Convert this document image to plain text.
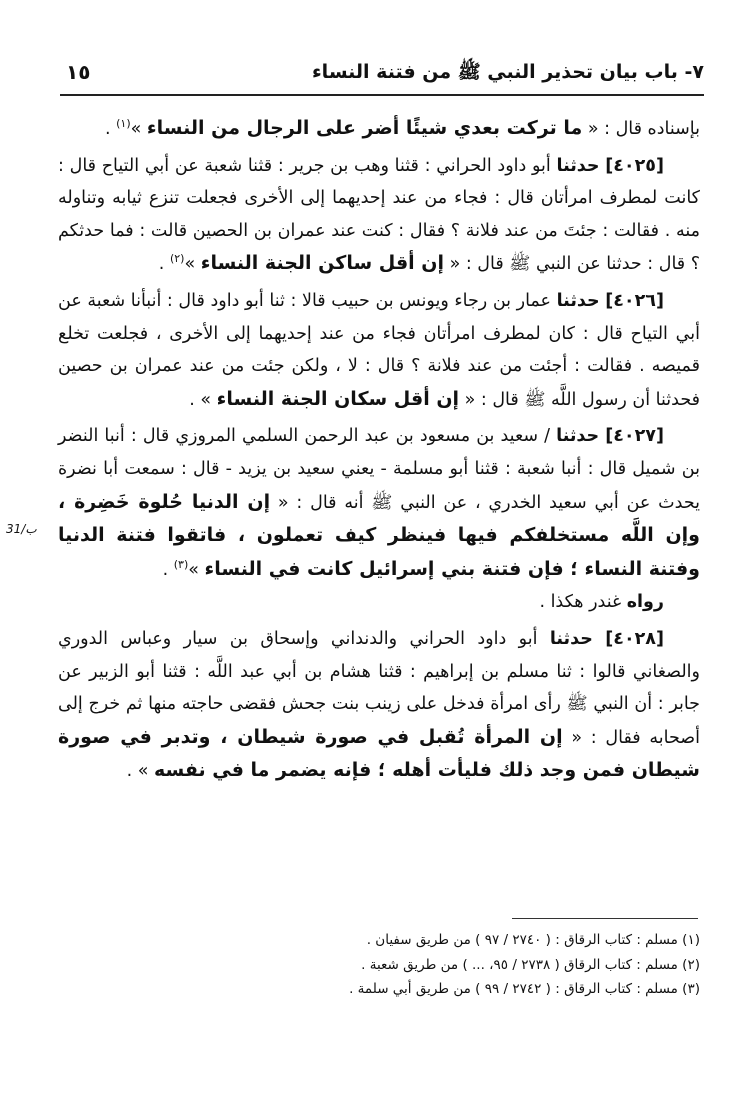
٧- باب بيان تحذير النبي ﷺ من فتنة النساء
١٥

بإسناده قال : « ما تركت بعدي شيئًا أضر على الرجال من النساء »$^{(١)}$ .

[٤٠٢٥] حدثنا أبو داود الحراني : قثنا وهب بن جرير : قثنا شعبة عن أبي التياح قال : كانت لمطرف امرأتان قال : فجاء من عند إحديهما إلى الأخرى فجعلت تنزع ثيابه وتناوله منه . فقالت : جئتَ من عند فلانة ؟ فقال : كنت عند عمران بن الحصين قالت : فما حدثكم ؟ قال : حدثنا عن النبي ﷺ قال : « إن أقل ساكن الجنة النساء »$^{(٢)}$ .

[٤٠٢٦] حدثنا عمار بن رجاء ويونس بن حبيب قالا : ثنا أبو داود قال : أنبأنا شعبة عن أبي التياح قال : كان لمطرف امرأتان فجاء من عند إحديهما إلى الأخرى ، فجلعت تخلع قميصه . فقالت : أجئت من عند فلانة ؟ قال : لا ، ولكن جئت من عند عمران بن حصين فحدثنا أن رسول اللَّه ﷺ قال : « إن أقل سكان الجنة النساء » .

[٤٠٢٧] حدثنا / سعيد بن مسعود بن عبد الرحمن السلمي المروزي قال : أنبا النضر بن شميل قال : أنبا شعبة : قثنا أبو مسلمة - يعني سعيد بن يزيد - قال : سمعت أبا نضرة يحدث عن أبي سعيد الخدري ، عن النبي ﷺ أنه قال : « إن الدنيا حُلوة خَضِرة ، وإن اللَّه مستخلفكم فيها فينظر كيف تعملون ، فاتقوا فتنة الدنيا وفتنة النساء ؛ فإن فتنة بني إسرائيل كانت في النساء »$^{(٣)}$ .

رواه غندر هكذا .

[٤٠٢٨] حدثنا أبو داود الحراني والدنداني وإسحاق بن سيار وعباس الدوري والصغاني قالوا : ثنا مسلم بن إبراهيم : قثنا هشام بن أبي عبد اللَّه : قثنا أبو الزبير عن جابر : أن النبي ﷺ رأى امرأة فدخل على زينب بنت جحش فقضى حاجته منها ثم خرج إلى أصحابه فقال : « إن المرأة تُقبل في صورة شيطان ، وتدبر في صورة شيطان فمن وجد ذلك فليأت أهله ؛ فإنه يضمر ما في نفسه » .

31/ب

(١) مسلم : كتاب الرقاق : ( ٢٧٤٠ / ٩٧ ) من طريق سفيان .

(٢) مسلم : كتاب الرقاق ( ٢٧٣٨ / ٩٥، ... ) من طريق شعبة .

(٣) مسلم : كتاب الرقاق : ( ٢٧٤٢ / ٩٩ ) من طريق أبي سلمة .
